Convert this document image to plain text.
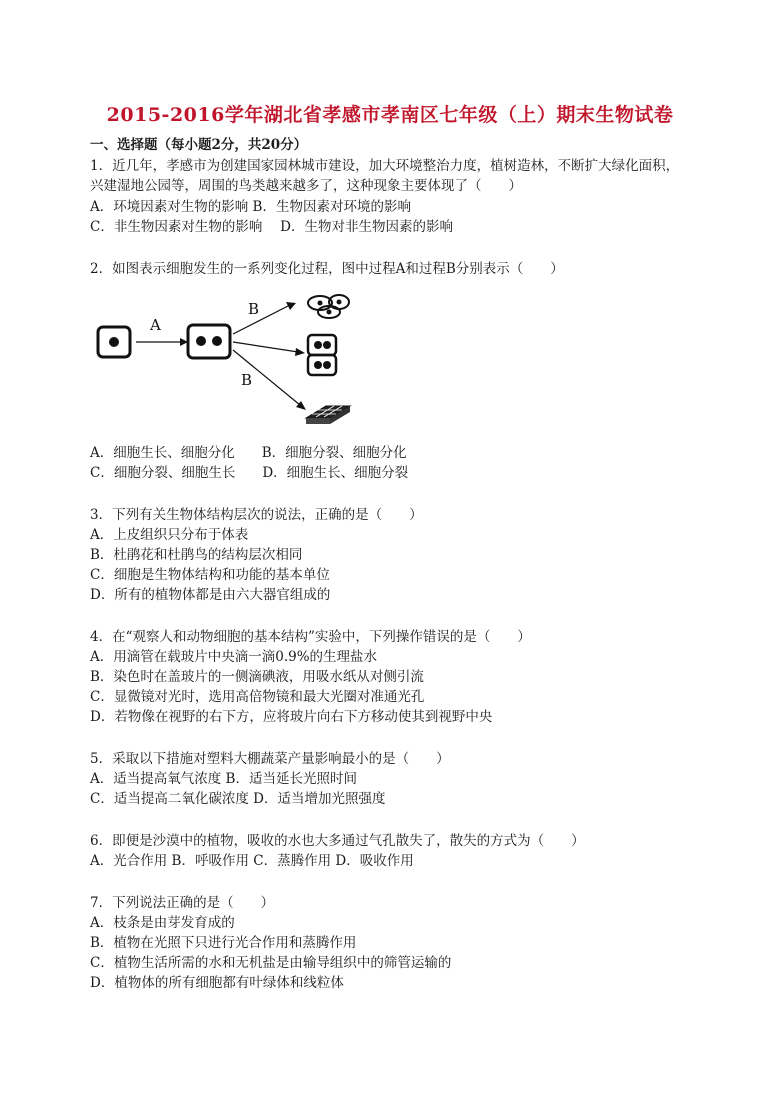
2015-2016学年湖北省孝感市孝南区七年级（上）期末生物试卷
一、选择题（每小题2分，共20分）
1．近几年，孝感市为创建国家园林城市建设，加大环境整治力度，植树造林，不断扩大绿化面积，
兴建湿地公园等，周围的鸟类越来越多了，这种现象主要体现了（　　）
A．环境因素对生物的影响 B．生物因素对环境的影响
C．非生物因素对生物的影响　 D．生物对非生物因素的影响
2．如图表示细胞发生的一系列变化过程，图中过程A和过程B分别表示（　　）
A
B
B
A．细胞生长、细胞分化　　B．细胞分裂、细胞分化
C．细胞分裂、细胞生长　　D．细胞生长、细胞分裂
3．下列有关生物体结构层次的说法，正确的是（　　）
A．上皮组织只分布于体表
B．杜鹃花和杜鹃鸟的结构层次相同
C．细胞是生物体结构和功能的基本单位
D．所有的植物体都是由六大器官组成的
4．在“观察人和动物细胞的基本结构”实验中，下列操作错误的是（　　）
A．用滴管在载玻片中央滴一滴0.9%的生理盐水
B．染色时在盖玻片的一侧滴碘液，用吸水纸从对侧引流
C．显微镜对光时，选用高倍物镜和最大光圈对准通光孔
D．若物像在视野的右下方，应将玻片向右下方移动使其到视野中央
5．采取以下措施对塑料大棚蔬菜产量影响最小的是（　　）
A．适当提高氧气浓度 B．适当延长光照时间
C．适当提高二氧化碳浓度 D．适当增加光照强度
6．即便是沙漠中的植物，吸收的水也大多通过气孔散失了，散失的方式为（　　）
A．光合作用 B．呼吸作用 C．蒸腾作用 D．吸收作用
7．下列说法正确的是（　　）
A．枝条是由芽发育成的
B．植物在光照下只进行光合作用和蒸腾作用
C．植物生活所需的水和无机盐是由输导组织中的筛管运输的
D．植物体的所有细胞都有叶绿体和线粒体
